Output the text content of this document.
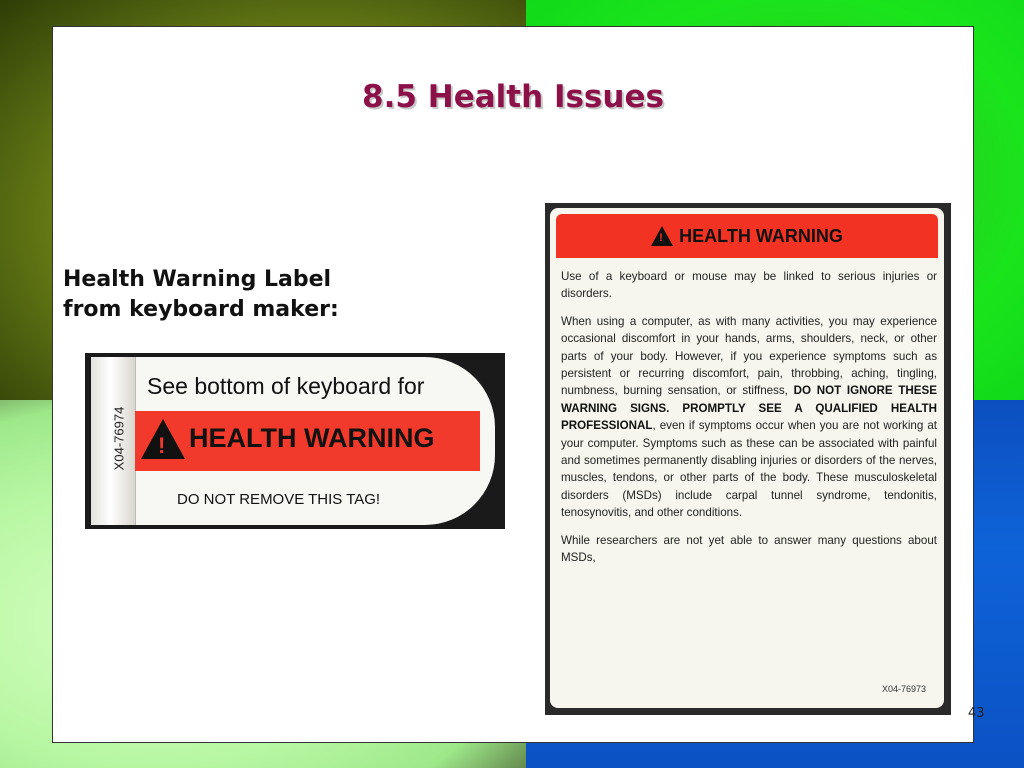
8.5 Health Issues
Health Warning Label
from keyboard maker:
X04-76974
See bottom of keyboard for
! HEALTH WARNING
DO NOT REMOVE THIS TAG!
! HEALTH WARNING

Use of a keyboard or mouse may be linked to serious injuries or disorders.

When using a computer, as with many activities, you may experience occasional discomfort in your hands, arms, shoulders, neck, or other parts of your body. However, if you experience symptoms such as persistent or recurring discomfort, pain, throbbing, aching, tingling, numbness, burning sensation, or stiffness, DO NOT IGNORE THESE WARNING SIGNS. PROMPTLY SEE A QUALIFIED HEALTH PROFESSIONAL, even if symptoms occur when you are not working at your computer. Symptoms such as these can be associated with painful and sometimes permanently disabling injuries or disorders of the nerves, muscles, tendons, or other parts of the body. These musculoskeletal disorders (MSDs) include carpal tunnel syndrome, tendonitis, tenosynovitis, and other conditions.

While researchers are not yet able to answer many questions about MSDs,

X04-76973
43
